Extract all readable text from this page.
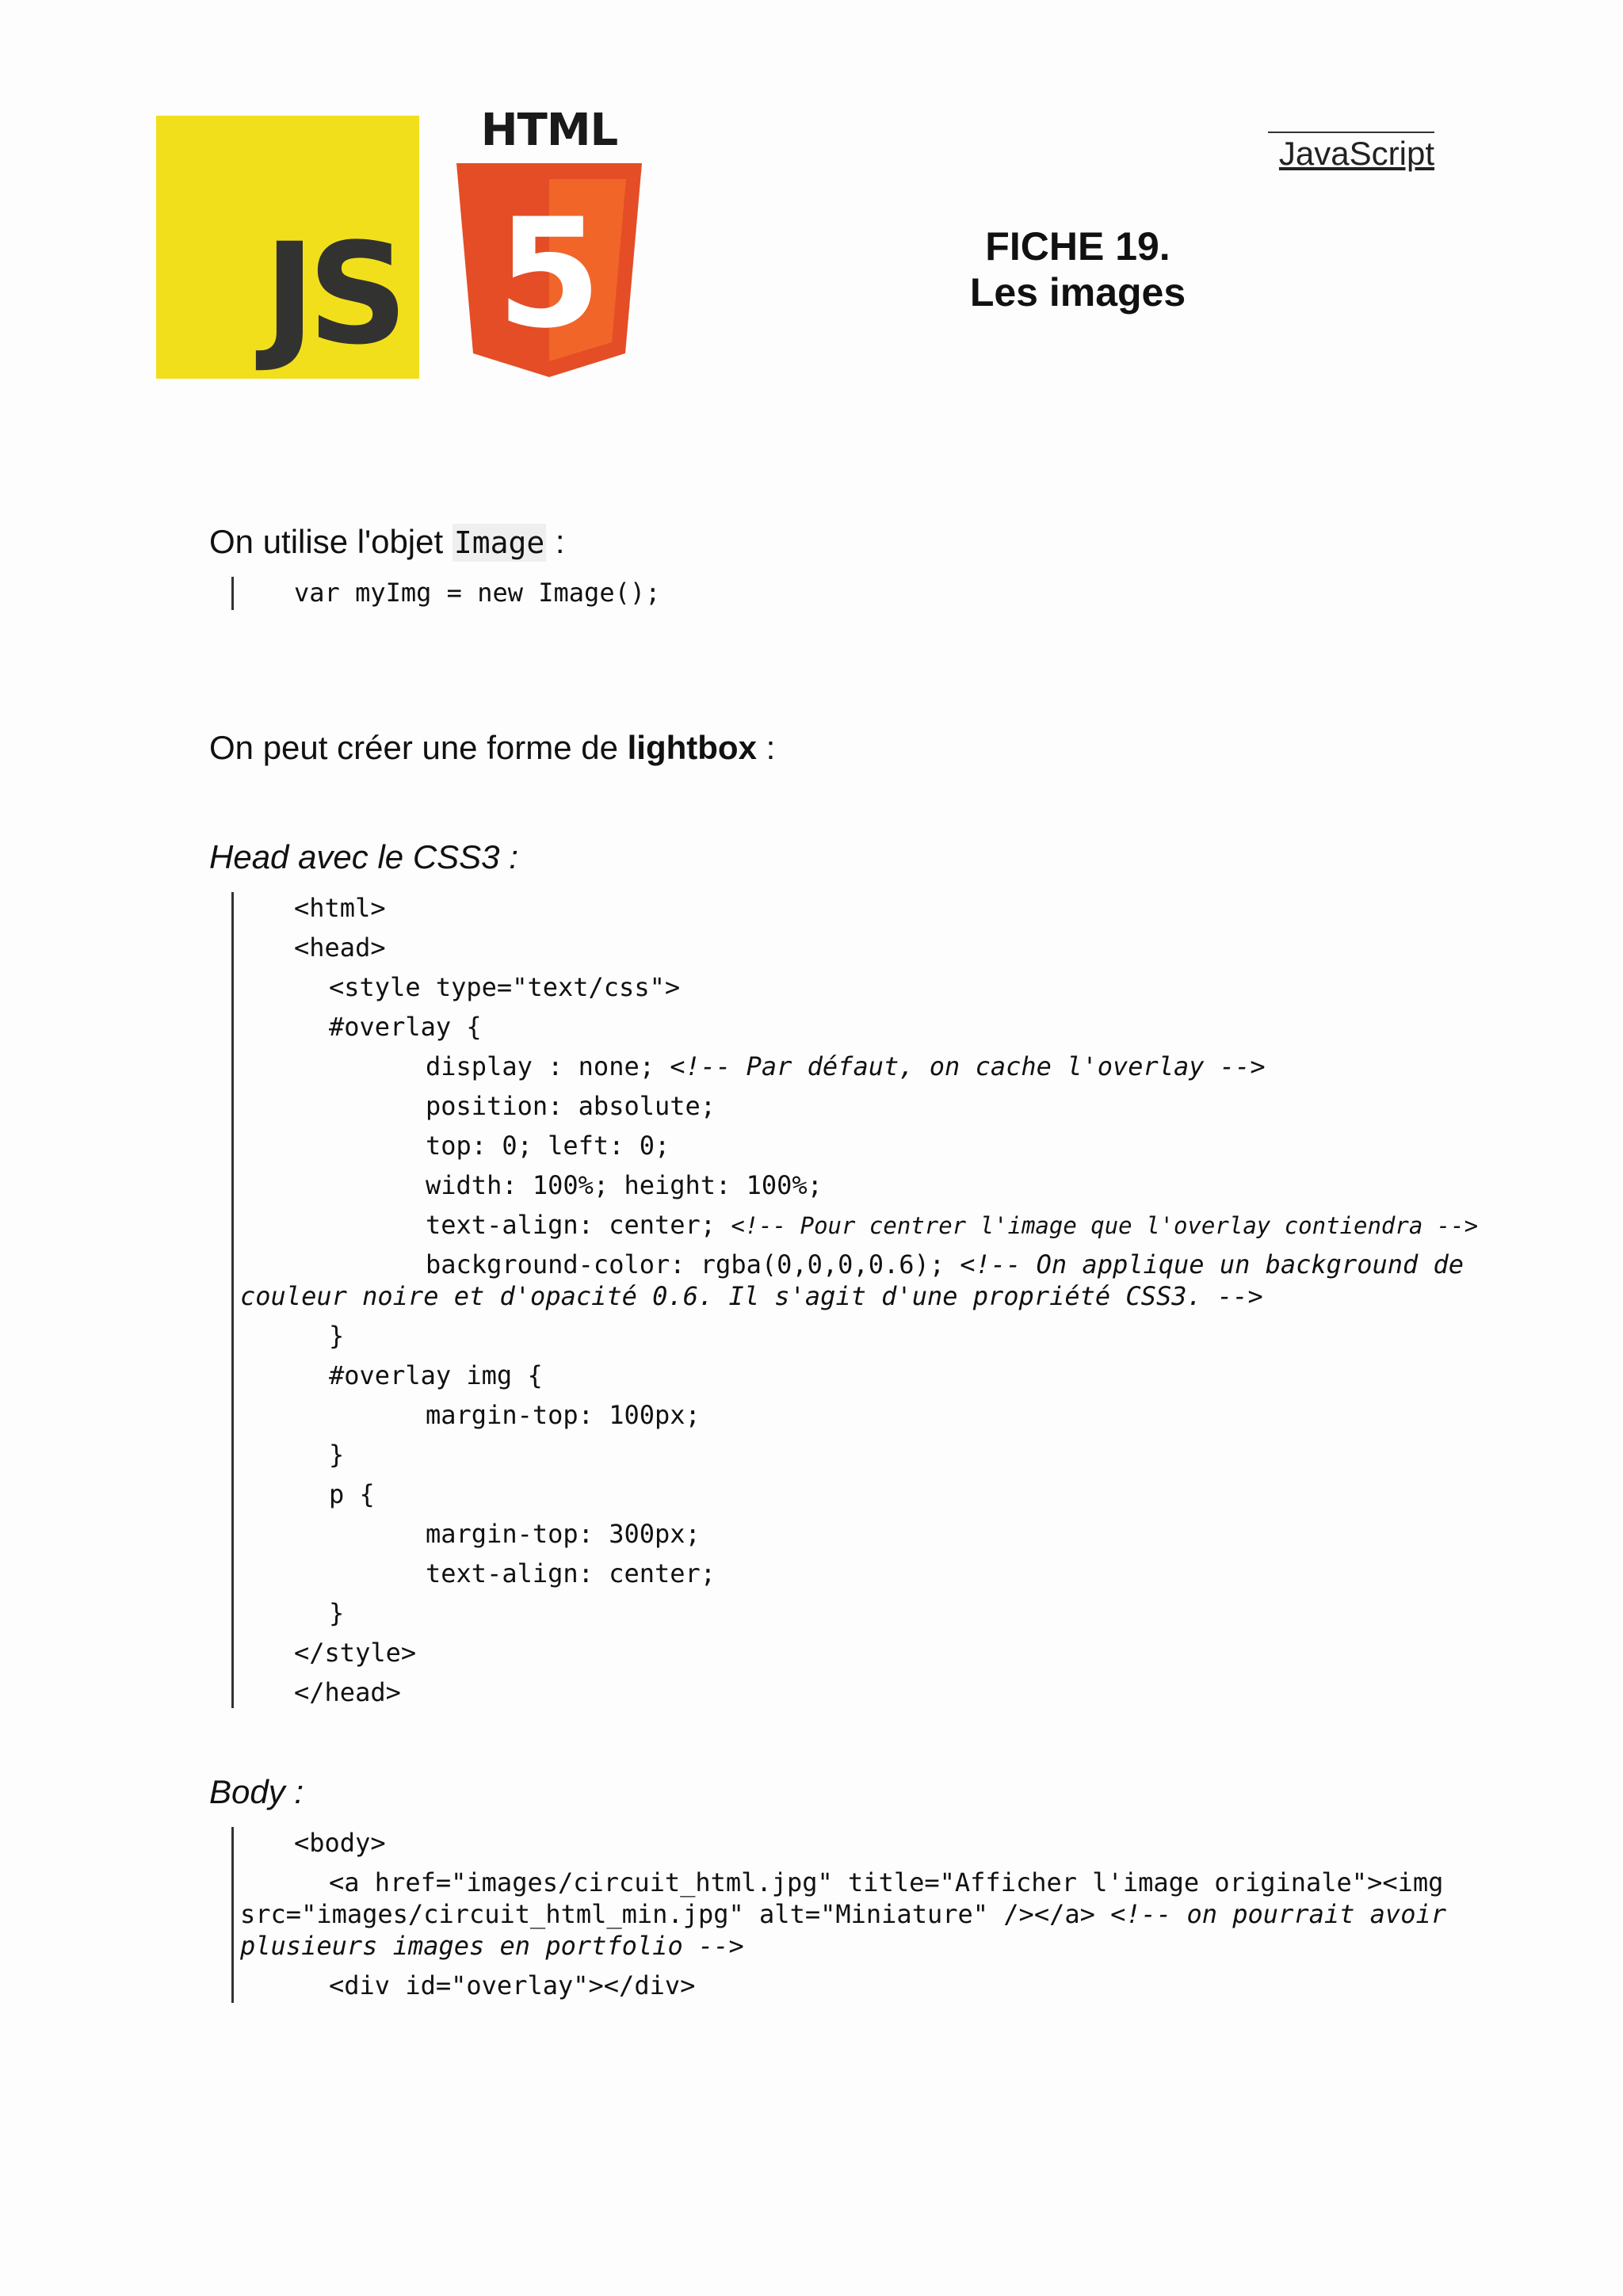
JS
HTML
5
JavaScript
FICHE 19.
Les images
On utilise l'objet Image :
var myImg = new Image();
On peut créer une forme de lightbox :
Head avec le CSS3 :
<html>
<head>
<style type="text/css">
#overlay {
display : none; <!-- Par défaut, on cache l'overlay -->
position: absolute;
top: 0; left: 0;
width: 100%; height: 100%;
text-align: center; <!-- Pour centrer l'image que l'overlay contiendra -->
background-color: rgba(0,0,0,0.6); <!-- On applique un background de
couleur noire et d'opacité 0.6. Il s'agit d'une propriété CSS3. -->
}
#overlay img {
margin-top: 100px;
}
p {
margin-top: 300px;
text-align: center;
}
</style>
</head>
Body :
<body>
<a href="images/circuit_html.jpg" title="Afficher l'image originale"><img
src="images/circuit_html_min.jpg" alt="Miniature" /></a> <!-- on pourrait avoir
plusieurs images en portfolio -->
<div id="overlay"></div>
